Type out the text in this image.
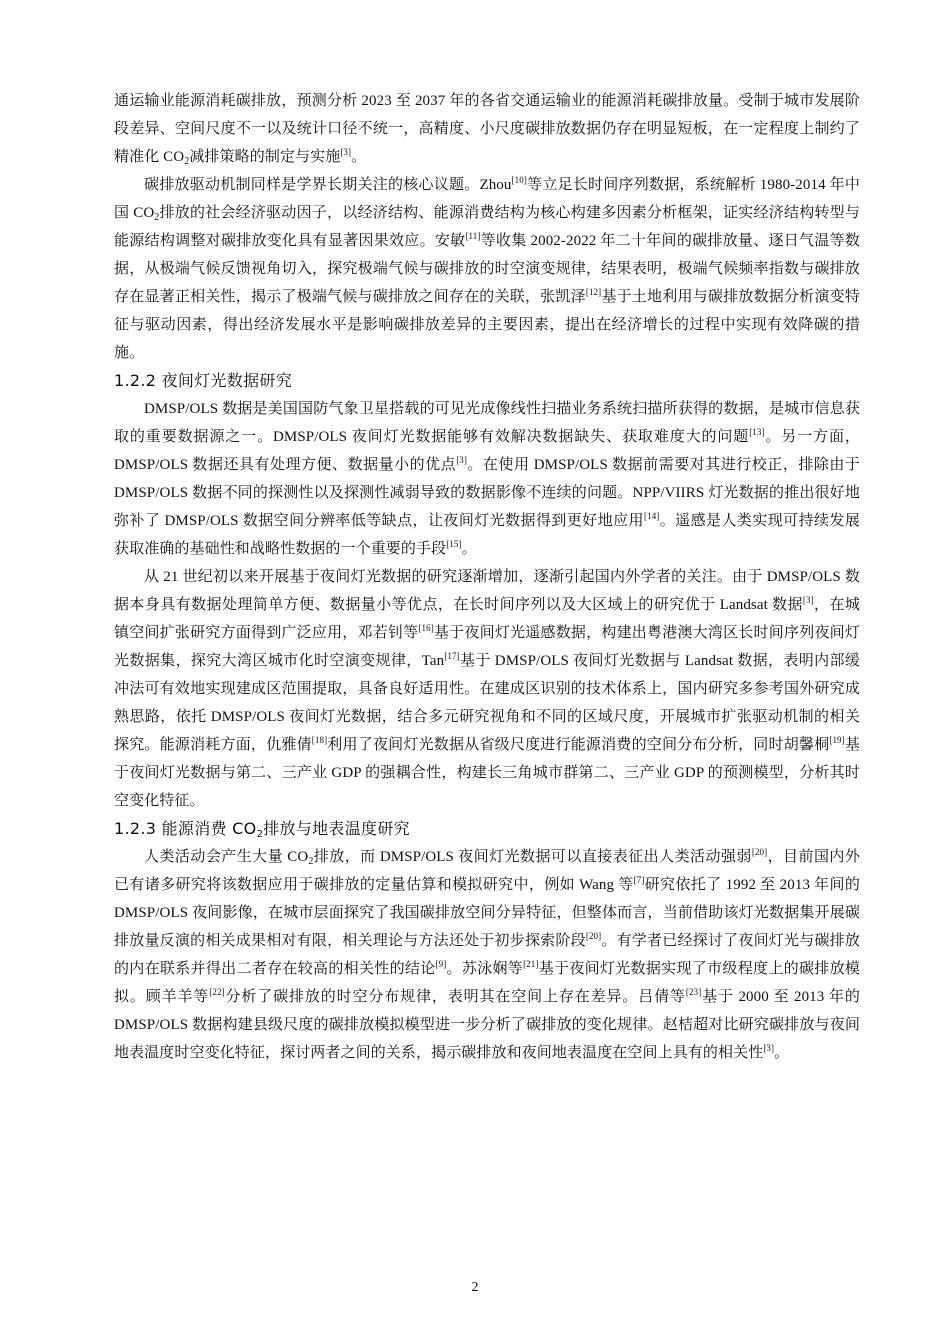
通运输业能源消耗碳排放，预测分析 2023 至 2037 年的各省交通运输业的能源消耗碳排放量。受制于城市发展阶段差异、空间尺度不一以及统计口径不统一，高精度、小尺度碳排放数据仍存在明显短板，在一定程度上制约了精准化 $CO_2$减排策略的制定与实施[3]。

碳排放驱动机制同样是学界长期关注的核心议题。Zhou[10]等立足长时间序列数据，系统解析 1980-2014 年中国 $CO_2$排放的社会经济驱动因子，以经济结构、能源消费结构为核心构建多因素分析框架，证实经济结构转型与能源结构调整对碳排放变化具有显著因果效应。安敏[11]等收集 2002-2022 年二十年间的碳排放量、逐日气温等数据，从极端气候反馈视角切入，探究极端气候与碳排放的时空演变规律，结果表明，极端气候频率指数与碳排放存在显著正相关性，揭示了极端气候与碳排放之间存在的关联，张凯泽[12]基于土地利用与碳排放数据分析演变特征与驱动因素，得出经济发展水平是影响碳排放差异的主要因素，提出在经济增长的过程中实现有效降碳的措施。

1.2.2 夜间灯光数据研究

DMSP/OLS 数据是美国国防气象卫星搭载的可见光成像线性扫描业务系统扫描所获得的数据，是城市信息获取的重要数据源之一。DMSP/OLS 夜间灯光数据能够有效解决数据缺失、获取难度大的问题[13]。另一方面，DMSP/OLS 数据还具有处理方便、数据量小的优点[3]。在使用 DMSP/OLS 数据前需要对其进行校正，排除由于 DMSP/OLS 数据不同的探测性以及探测性减弱导致的数据影像不连续的问题。NPP/VIIRS 灯光数据的推出很好地弥补了 DMSP/OLS 数据空间分辨率低等缺点，让夜间灯光数据得到更好地应用[14]。遥感是人类实现可持续发展获取准确的基础性和战略性数据的一个重要的手段[15]。

从 21 世纪初以来开展基于夜间灯光数据的研究逐渐增加，逐渐引起国内外学者的关注。由于 DMSP/OLS 数据本身具有数据处理简单方便、数据量小等优点，在长时间序列以及大区域上的研究优于 Landsat 数据[3]，在城镇空间扩张研究方面得到广泛应用，邓若钊等[16]基于夜间灯光遥感数据，构建出粤港澳大湾区长时间序列夜间灯光数据集，探究大湾区城市化时空演变规律，Tan[17]基于 DMSP/OLS 夜间灯光数据与 Landsat 数据，表明内部缓冲法可有效地实现建成区范围提取，具备良好适用性。在建成区识别的技术体系上，国内研究多参考国外研究成熟思路，依托 DMSP/OLS 夜间灯光数据，结合多元研究视角和不同的区域尺度，开展城市扩张驱动机制的相关探究。能源消耗方面，仇雅倩[18]利用了夜间灯光数据从省级尺度进行能源消费的空间分布分析，同时胡馨桐[19]基于夜间灯光数据与第二、三产业 GDP 的强耦合性，构建长三角城市群第二、三产业 GDP 的预测模型，分析其时空变化特征。

1.2.3 能源消费 $CO_2$排放与地表温度研究

人类活动会产生大量 $CO_2$排放，而 DMSP/OLS 夜间灯光数据可以直接表征出人类活动强弱[20]，目前国内外已有诸多研究将该数据应用于碳排放的定量估算和模拟研究中，例如 Wang 等[7]研究依托了 1992 至 2013 年间的 DMSP/OLS 夜间影像，在城市层面探究了我国碳排放空间分异特征，但整体而言，当前借助该灯光数据集开展碳排放量反演的相关成果相对有限，相关理论与方法还处于初步探索阶段[20]。有学者已经探讨了夜间灯光与碳排放的内在联系并得出二者存在较高的相关性的结论[9]。苏泳娴等[21]基于夜间灯光数据实现了市级程度上的碳排放模拟。顾羊羊等[22]分析了碳排放的时空分布规律，表明其在空间上存在差异。吕倩等[23]基于 2000 至 2013 年的 DMSP/OLS 数据构建县级尺度的碳排放模拟模型进一步分析了碳排放的变化规律。赵桔超对比研究碳排放与夜间地表温度时空变化特征，探讨两者之间的关系，揭示碳排放和夜间地表温度在空间上具有的相关性[3]。

2
